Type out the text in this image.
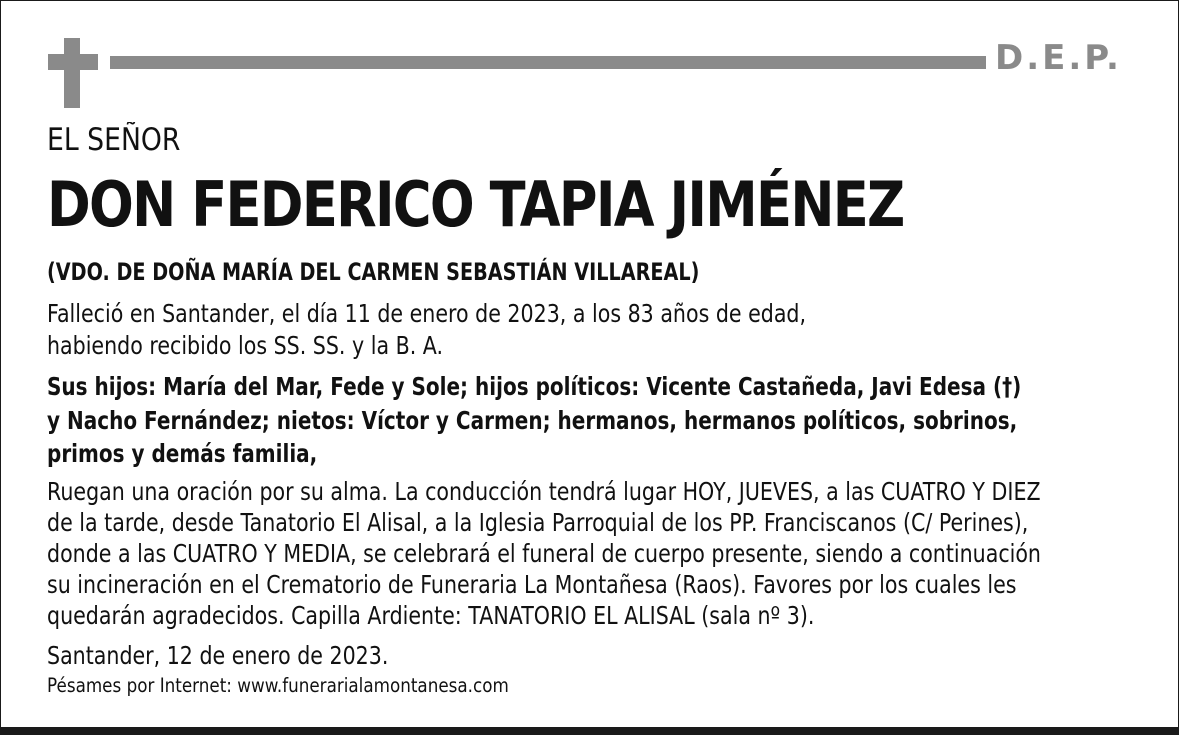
D.E.P.
EL SEÑOR
DON FEDERICO TAPIA JIMÉNEZ
(VDO. DE DOÑA MARÍA DEL CARMEN SEBASTIÁN VILLAREAL)
Falleció en Santander, el día 11 de enero de 2023, a los 83 años de edad,
habiendo recibido los SS. SS. y la B. A.
Sus hijos: María del Mar, Fede y Sole; hijos políticos: Vicente Castañeda, Javi Edesa (†)
y Nacho Fernández; nietos: Víctor y Carmen; hermanos, hermanos políticos, sobrinos,
primos y demás familia,
Ruegan una oración por su alma. La conducción tendrá lugar HOY, JUEVES, a las CUATRO Y DIEZ
de la tarde, desde Tanatorio El Alisal, a la Iglesia Parroquial de los PP. Franciscanos (C/ Perines),
donde a las CUATRO Y MEDIA, se celebrará el funeral de cuerpo presente, siendo a continuación
su incineración en el Crematorio de Funeraria La Montañesa (Raos). Favores por los cuales les
quedarán agradecidos. Capilla Ardiente: TANATORIO EL ALISAL (sala nº 3).
Santander, 12 de enero de 2023.
Pésames por Internet: www.funerarialamontanesa.com
